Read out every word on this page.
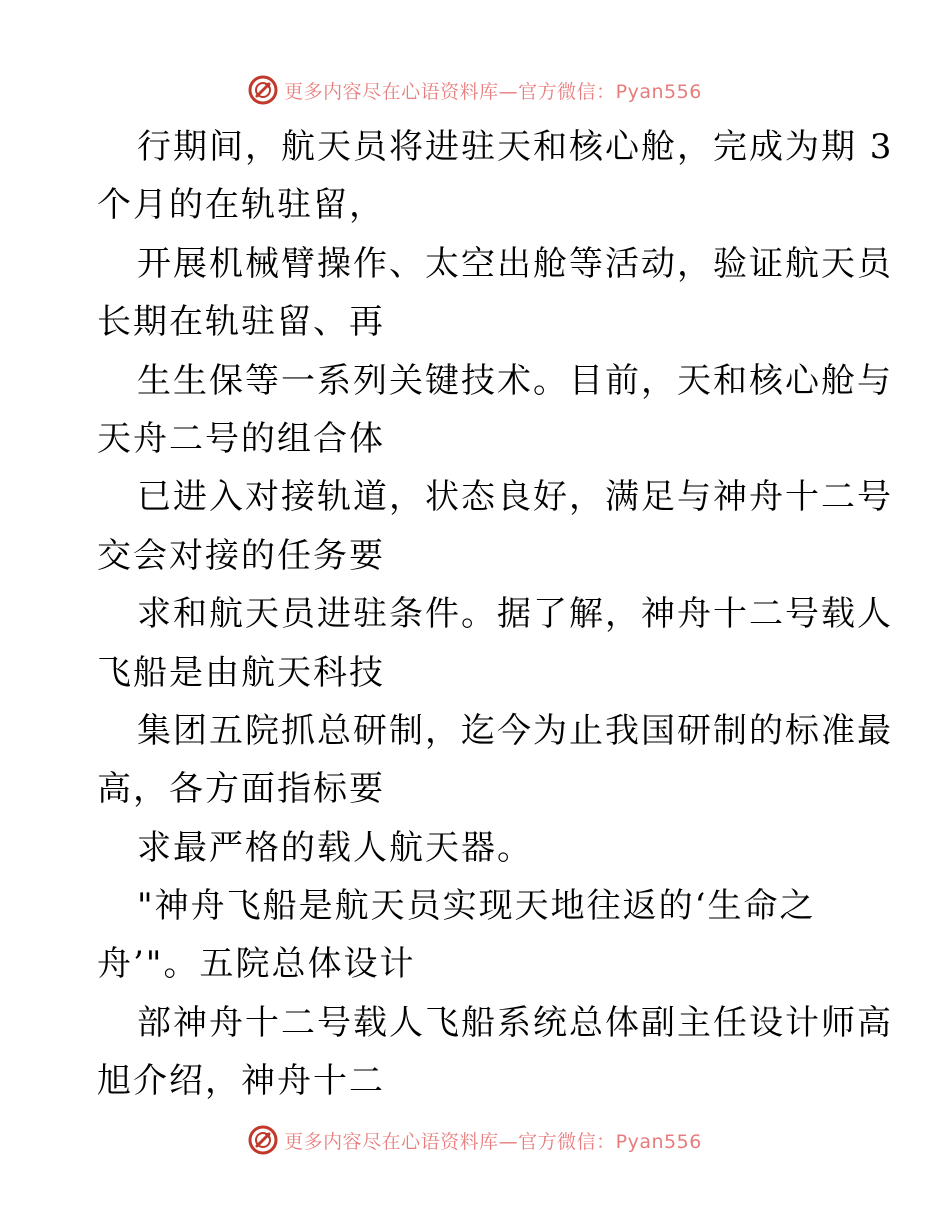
更多内容尽在心语资料库—官方微信：Pyan556
行期间，航天员将进驻天和核心舱，完成为期 3
个月的在轨驻留，
开展机械臂操作、太空出舱等活动，验证航天员
长期在轨驻留、再
生生保等一系列关键技术。目前，天和核心舱与
天舟二号的组合体
已进入对接轨道，状态良好，满足与神舟十二号
交会对接的任务要
求和航天员进驻条件。据了解，神舟十二号载人
飞船是由航天科技
集团五院抓总研制，迄今为止我国研制的标准最
高，各方面指标要
求最严格的载人航天器。
"神舟飞船是航天员实现天地往返的‘生命之
舟’"。五院总体设计
部神舟十二号载人飞船系统总体副主任设计师高
旭介绍，神舟十二
更多内容尽在心语资料库—官方微信：Pyan556
